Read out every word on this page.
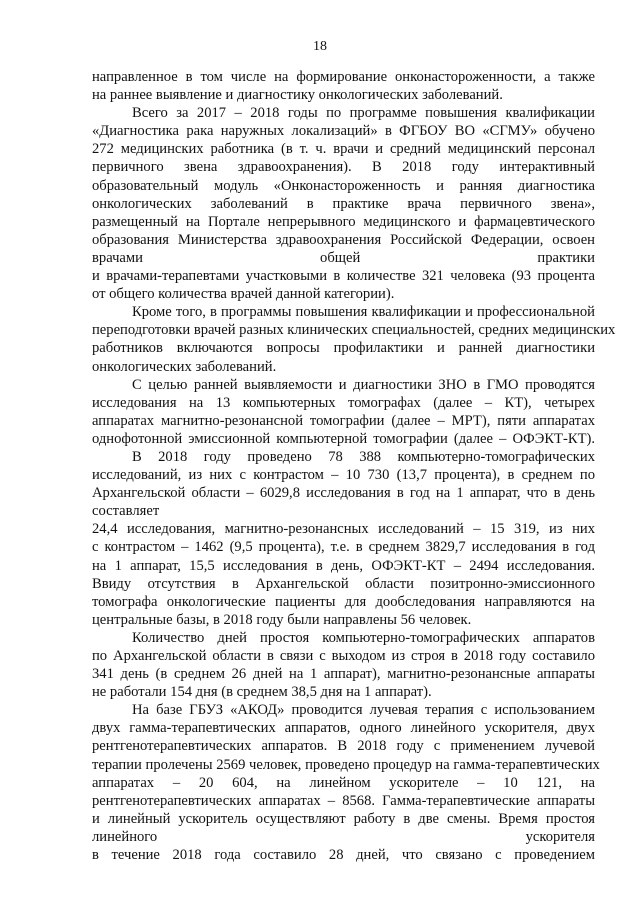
18
направленное в том числе на формирование онконастороженности, а также
на раннее выявление и диагностику онкологических заболеваний.
Всего за 2017 – 2018 годы по программе повышения квалификации
«Диагностика рака наружных локализаций» в ФГБОУ ВО «СГМУ» обучено
272 медицинских работника (в т. ч. врачи и средний медицинский персонал
первичного звена здравоохранения). В 2018 году интерактивный
образовательный модуль «Онконастороженность и ранняя диагностика
онкологических заболеваний в практике врача первичного звена»,
размещенный на Портале непрерывного медицинского и фармацевтического
образования Министерства здравоохранения Российской Федерации, освоен
врачами общей практики
и врачами-терапевтами участковыми в количестве 321 человека (93 процента
от общего количества врачей данной категории).
Кроме того, в программы повышения квалификации и профессиональной
переподготовки врачей разных клинических специальностей, средних медицинских
работников включаются вопросы профилактики и ранней диагностики
онкологических заболеваний.
С целью ранней выявляемости и диагностики ЗНО в ГМО проводятся
исследования на 13 компьютерных томографах (далее – КТ), четырех
аппаратах магнитно-резонансной томографии (далее – МРТ), пяти аппаратах
однофотонной эмиссионной компьютерной томографии (далее – ОФЭКТ-КТ).
В 2018 году проведено 78 388 компьютерно-томографических
исследований, из них с контрастом – 10 730 (13,7 процента), в среднем по
Архангельской области – 6029,8 исследования в год на 1 аппарат, что в день
составляет
24,4 исследования, магнитно-резонансных исследований – 15 319, из них
с контрастом – 1462 (9,5 процента), т.е. в среднем 3829,7 исследования в год
на 1 аппарат, 15,5 исследования в день, ОФЭКТ-КТ – 2494 исследования.
Ввиду отсутствия в Архангельской области позитронно-эмиссионного
томографа онкологические пациенты для дообследования направляются на
центральные базы, в 2018 году были направлены 56 человек.
Количество дней простоя компьютерно-томографических аппаратов
по Архангельской области в связи с выходом из строя в 2018 году составило
341 день (в среднем 26 дней на 1 аппарат), магнитно-резонансные аппараты
не работали 154 дня (в среднем 38,5 дня на 1 аппарат).
На базе ГБУЗ «АКОД» проводится лучевая терапия с использованием
двух гамма-терапевтических аппаратов, одного линейного ускорителя, двух
рентгенотерапевтических аппаратов. В 2018 году с применением лучевой
терапии пролечены 2569 человек, проведено процедур на гамма-терапевтических
аппаратах – 20 604, на линейном ускорителе – 10 121, на
рентгенотерапевтических аппаратах – 8568. Гамма-терапевтические аппараты
и линейный ускоритель осуществляют работу в две смены. Время простоя
линейного ускорителя
в течение 2018 года составило 28 дней, что связано с проведением
